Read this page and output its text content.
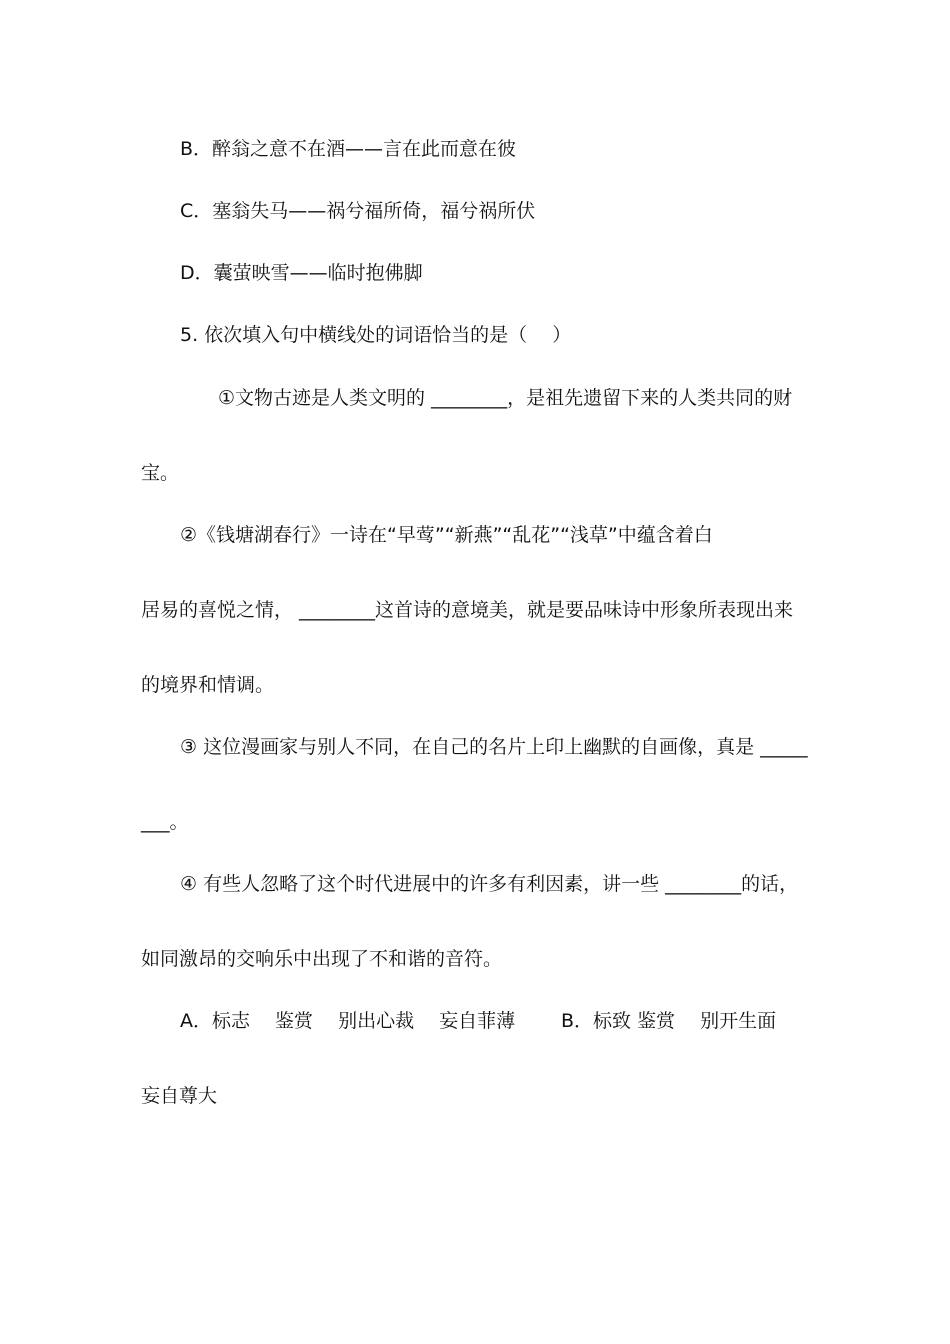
B．醉翁之意不在酒——言在此而意在彼

C．塞翁失马——祸兮福所倚，福兮祸所伏

D．囊萤映雪——临时抱佛脚

5. 依次填入句中横线处的词语恰当的是（　 ）

①文物古迹是人类文明的 ________，是祖先遗留下来的人类共同的财

宝。

②《钱塘湖春行》一诗在“早莺”“新燕”“乱花”“浅草”中蕴含着白

居易的喜悦之情， ________这首诗的意境美，就是要品味诗中形象所表现出来

的境界和情调。

③ 这位漫画家与别人不同，在自己的名片上印上幽默的自画像，真是 _____

___。

④ 有些人忽略了这个时代进展中的许多有利因素，讲一些 ________的话，

如同激昂的交响乐中出现了不和谐的音符。

A．标志　 鉴赏　 别出心裁　 妄自菲薄 B．标致 鉴赏　 别开生面

妄自尊大
